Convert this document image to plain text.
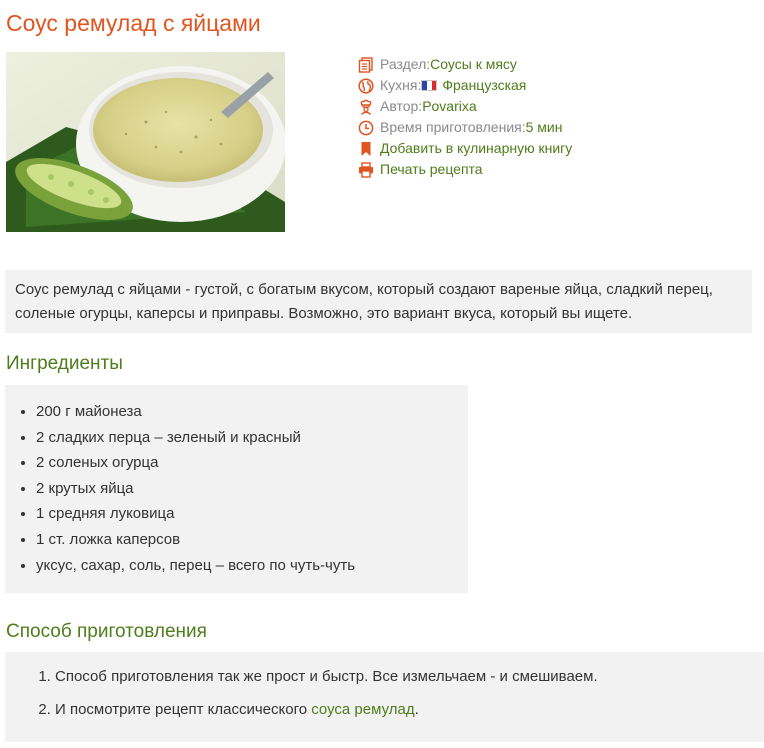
Соус ремулад с яйцами
Раздел: Соусы к мясу
Кухня: Французская
Автор: Povarixa
Время приготовления: 5 мин
Добавить в кулинарную книгу
Печать рецепта
Соус ремулад с яйцами - густой, с богатым вкусом, который создают вареные яйца, сладкий перец, соленые огурцы, каперсы и приправы. Возможно, это вариант вкуса, который вы ищете.
Ингредиенты
• 200 г майонеза
• 2 сладких перца – зеленый и красный
• 2 соленых огурца
• 2 крутых яйца
• 1 средняя луковица
• 1 ст. ложка каперсов
• уксус, сахар, соль, перец – всего по чуть-чуть
Способ приготовления
1. Способ приготовления так же прост и быстр. Все измельчаем - и смешиваем.
2. И посмотрите рецепт классического соуса ремулад.
